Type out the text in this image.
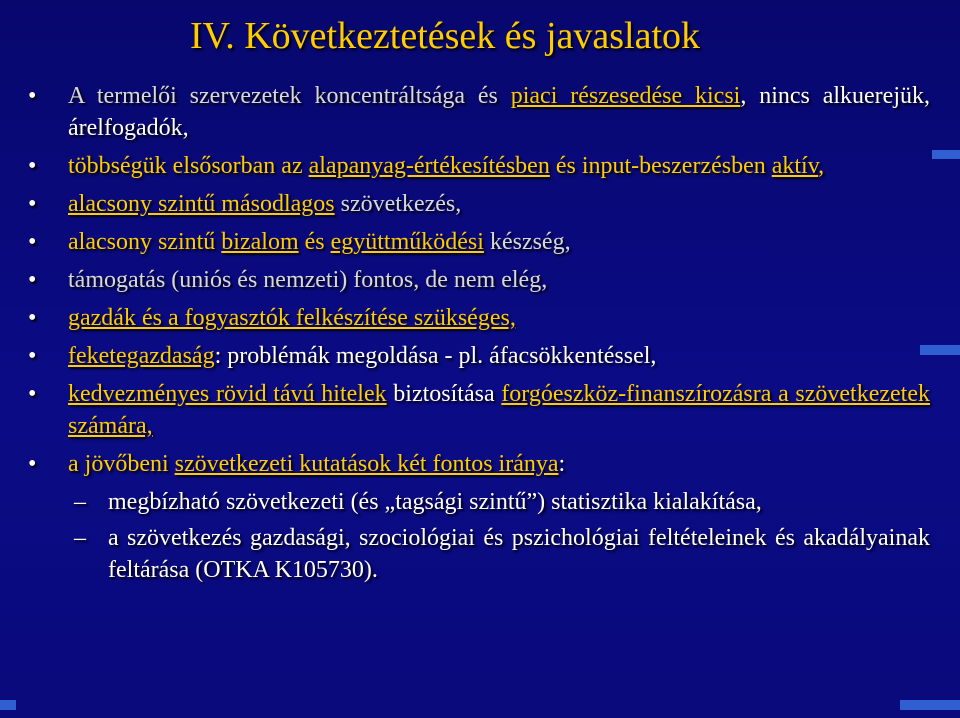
IV. Következtetések és javaslatok
•	A termelői szervezetek koncentráltsága és piaci részesedése kicsi, nincs alkuerejük, árelfogadók,
•	többségük elsősorban az alapanyag-értékesítésben és input-beszerzésben aktív,
•	alacsony szintű másodlagos szövetkezés,
•	alacsony szintű bizalom és együttműködési készség,
•	támogatás (uniós és nemzeti) fontos, de nem elég,
•	gazdák és a fogyasztók felkészítése szükséges,
•	feketegazdaság: problémák megoldása - pl. áfacsökkentéssel,
•	kedvezményes rövid távú hitelek biztosítása forgóeszköz-finanszírozásra a szövetkezetek számára,
•	a jövőbeni szövetkezeti kutatások két fontos iránya:
– megbízható szövetkezeti (és „tagsági szintű”) statisztika kialakítása,
– a szövetkezés gazdasági, szociológiai és pszichológiai feltételeinek és akadályainak feltárása (OTKA K105730).
